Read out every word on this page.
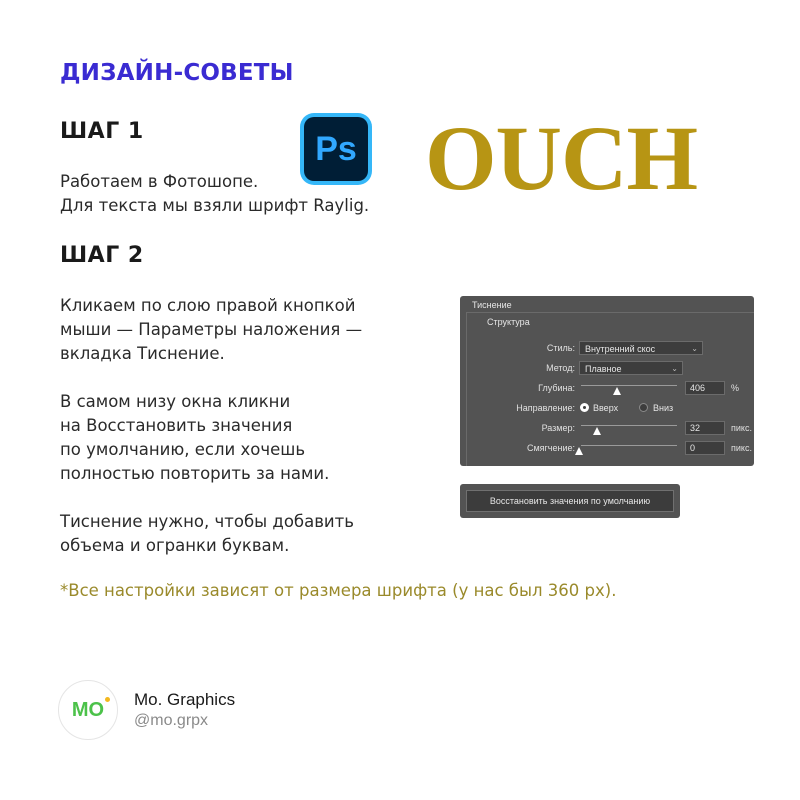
ДИЗАЙН-СОВЕТЫ
ШАГ 1
Работаем в Фотошопе.
Для текста мы взяли шрифт Raylig.
Ps OUCH
ШАГ 2
Кликаем по слою правой кнопкой
мыши — Параметры наложения —
вкладка Тиснение.
В самом низу окна кликни
на Восстановить значения
по умолчанию, если хочешь
полностью повторить за нами.
Тиснение нужно, чтобы добавить
объема и огранки буквам.
Тиснение
Структура
Стиль:	Внутренний скос	⌄
Метод:	Плавное	⌄
Глубина:	406	%
Направление: Вверх	Вниз
Размер:	32	пикс.
Смягчение:	0	пикс.
Восстановить значения по умолчанию
*Все настройки зависят от размера шрифта (у нас был 360 px).
MO Mo. Graphics
@mo.grpx
